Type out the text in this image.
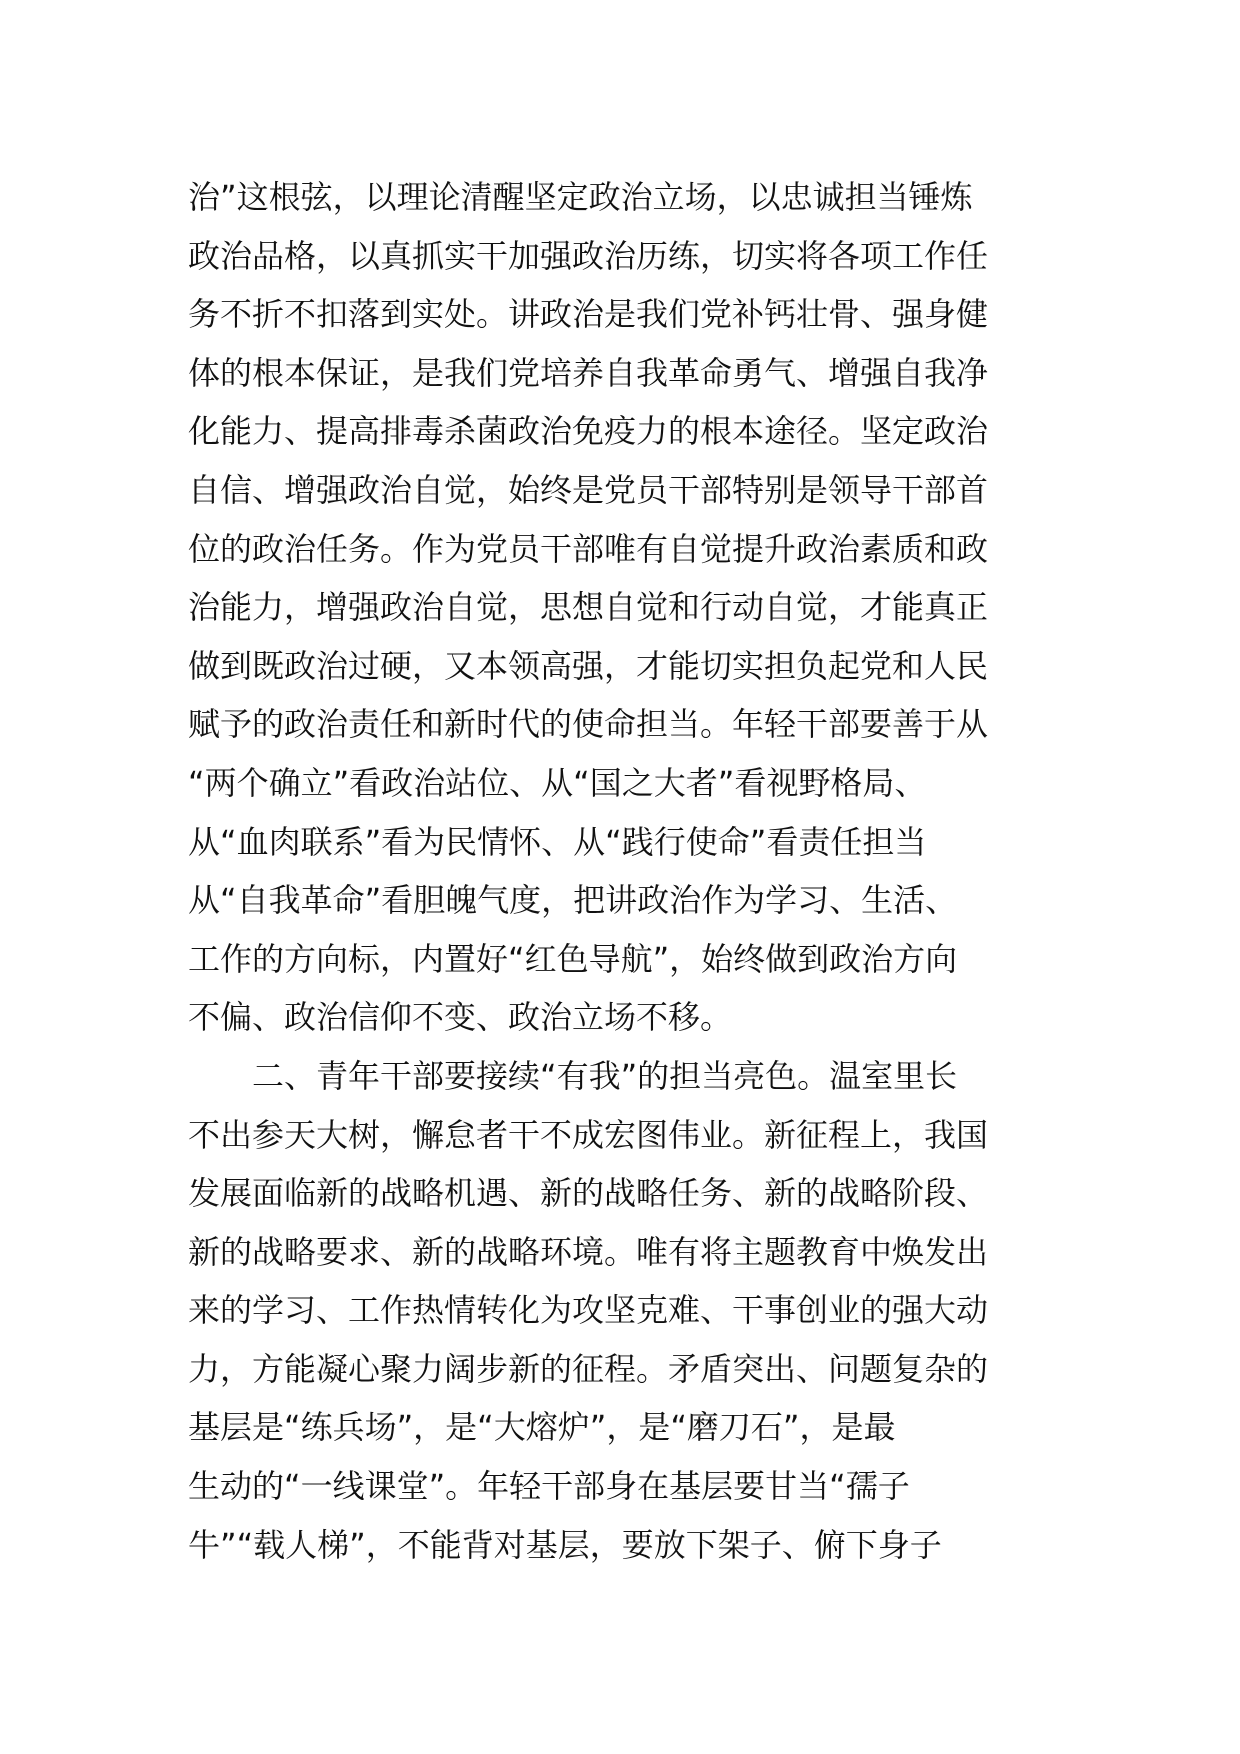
治”这根弦，以理论清醒坚定政治立场，以忠诚担当锤炼
政治品格，以真抓实干加强政治历练，切实将各项工作任
务不折不扣落到实处。讲政治是我们党补钙壮骨、强身健
体的根本保证，是我们党培养自我革命勇气、增强自我净
化能力、提高排毒杀菌政治免疫力的根本途径。坚定政治
自信、增强政治自觉，始终是党员干部特别是领导干部首
位的政治任务。作为党员干部唯有自觉提升政治素质和政
治能力，增强政治自觉，思想自觉和行动自觉，才能真正
做到既政治过硬，又本领高强，才能切实担负起党和人民
赋予的政治责任和新时代的使命担当。年轻干部要善于从
“两个确立”看政治站位、从“国之大者”看视野格局、
从“血肉联系”看为民情怀、从“践行使命”看责任担当
从“自我革命”看胆魄气度，把讲政治作为学习、生活、
工作的方向标，内置好“红色导航”，始终做到政治方向
不偏、政治信仰不变、政治立场不移。
二、青年干部要接续“有我”的担当亮色。温室里长
不出参天大树，懈怠者干不成宏图伟业。新征程上，我国
发展面临新的战略机遇、新的战略任务、新的战略阶段、
新的战略要求、新的战略环境。唯有将主题教育中焕发出
来的学习、工作热情转化为攻坚克难、干事创业的强大动
力，方能凝心聚力阔步新的征程。矛盾突出、问题复杂的
基层是“练兵场”，是“大熔炉”，是“磨刀石”，是最
生动的“一线课堂”。年轻干部身在基层要甘当“孺子
牛”“载人梯”，不能背对基层，要放下架子、俯下身子
